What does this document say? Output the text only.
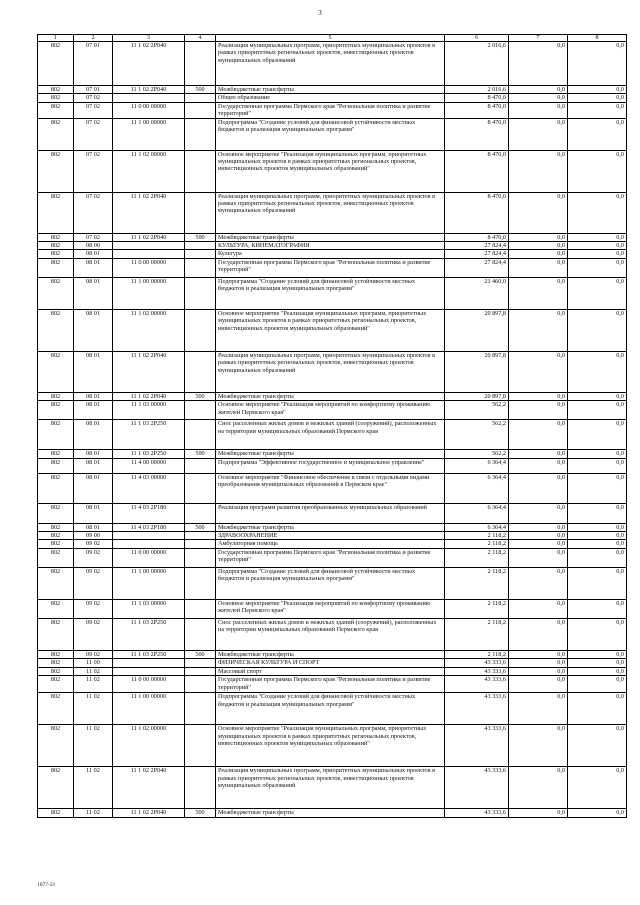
3
1	2	3	4	5	6	7	8
802	07 01	11 1 02 2P040		Реализация муниципальных программ, приоритетных муниципальных проектов в рамках приоритетных региональных проектов, инвестиционных проектов муниципальных образований	2 016,6	0,0	0,0
802	07 01	11 1 02 2P040	500	Межбюджетные трансферты	2 016,6	0,0	0,0
802	07 02			Общее образование	8 470,0	0,0	0,0
802	07 02	11 0 00 00000		Государственная программа Пермского края "Региональная политика и развитие территорий"	8 470,0	0,0	0,0
802	07 02	11 1 00 00000		Подпрограмма "Создание условий для финансовой устойчивости местных бюджетов и реализация муниципальных программ"	8 470,0	0,0	0,0
802	07 02	11 1 02 00000		Основное мероприятие "Реализация муниципальных программ, приоритетных муниципальных проектов в рамках приоритетных региональных проектов, инвестиционных проектов муниципальных образований"	8 470,0	0,0	0,0
802	07 02	11 1 02 2P040		Реализация муниципальных программ, приоритетных муниципальных проектов в рамках приоритетных региональных проектов, инвестиционных проектов муниципальных образований	8 470,0	0,0	0,0
802	07 02	11 1 02 2P040	500	Межбюджетные трансферты	8 470,0	0,0	0,0
802	08 00			КУЛЬТУРА, КИНЕМАТОГРАФИЯ	27 824,4	0,0	0,0
802	08 01			Культура	27 824,4	0,0	0,0
802	08 01	11 0 00 00000		Государственная программа Пермского края "Региональная политика и развитие территорий"	27 824,4	0,0	0,0
802	08 01	11 1 00 00000		Подпрограмма "Создание условий для финансовой устойчивости местных бюджетов и реализация муниципальных программ"	21 460,0	0,0	0,0
802	08 01	11 1 02 00000		Основное мероприятие "Реализация муниципальных программ, приоритетных муниципальных проектов в рамках приоритетных региональных проектов, инвестиционных проектов муниципальных образований"	20 897,8	0,0	0,0
802	08 01	11 1 02 2P040		Реализация муниципальных программ, приоритетных муниципальных проектов в рамках приоритетных региональных проектов, инвестиционных проектов муниципальных образований	20 897,8	0,0	0,0
802	08 01	11 1 02 2P040	500	Межбюджетные трансферты	20 897,8	0,0	0,0
802	08 01	11 1 03 00000		Основное мероприятие "Реализация мероприятий по комфортному проживанию жителей Пермского края"	562,2	0,0	0,0
802	08 01	11 1 03 2P250		Снос расселенных жилых домов и нежилых зданий (сооружений), расположенных на территории муниципальных образований Пермского края	562,2	0,0	0,0
802	08 01	11 1 03 2P250	500	Межбюджетные трансферты	562,2	0,0	0,0
802	08 01	11 4 00 00000		Подпрограмма "Эффективное государственное и муниципальное управление"	6 364,4	0,0	0,0
802	08 01	11 4 03 00000		Основное мероприятие "Финансовое обеспечение в связи с отдельными видами преобразования муниципальных образований в Пермском крае"	6 364,4	0,0	0,0
802	08 01	11 4 03 2P180		Реализация программ развития преобразованных муниципальных образований	6 364,4	0,0	0,0
802	08 01	11 4 03 2P180	500	Межбюджетные трансферты	6 364,4	0,0	0,0
802	09 00			ЗДРАВООХРАНЕНИЕ	2 118,2	0,0	0,0
802	09 02			Амбулаторная помощь	2 118,2	0,0	0,0
802	09 02	11 0 00 00000		Государственная программа Пермского края "Региональная политика и развитие территорий"	2 118,2	0,0	0,0
802	09 02	11 1 00 00000		Подпрограмма "Создание условий для финансовой устойчивости местных бюджетов и реализация муниципальных программ"	2 118,2	0,0	0,0
802	09 02	11 1 03 00000		Основное мероприятие "Реализация мероприятий по комфортному проживанию жителей Пермского края"	2 118,2	0,0	0,0
802	09 02	11 1 03 2P250		Снос расселенных жилых домов и нежилых зданий (сооружений), расположенных на территории муниципальных образований Пермского края	2 118,2	0,0	0,0
802	09 02	11 1 03 2P250	500	Межбюджетные трансферты	2 118,2	0,0	0,0
802	11 00			ФИЗИЧЕСКАЯ КУЛЬТУРА И СПОРТ	43 333,6	0,0	0,0
802	11 02			Массовый спорт	43 333,6	0,0	0,0
802	11 02	11 0 00 00000		Государственная программа Пермского края "Региональная политика и развитие территорий"	43 333,6	0,0	0,0
802	11 02	11 1 00 00000		Подпрограмма "Создание условий для финансовой устойчивости местных бюджетов и реализация муниципальных программ"	43 333,6	0,0	0,0
802	11 02	11 1 02 00000		Основное мероприятие "Реализация муниципальных программ, приоритетных муниципальных проектов в рамках приоритетных региональных проектов, инвестиционных проектов муниципальных образований"	43 333,6	0,0	0,0
802	11 02	11 1 02 2P040		Реализация муниципальных программ, приоритетных муниципальных проектов в рамках приоритетных региональных проектов, инвестиционных проектов муниципальных образований	43 333,6	0,0	0,0
802	11 02	11 1 02 2P040	500	Межбюджетные трансферты	43 333,6	0,0	0,0
1077-21
